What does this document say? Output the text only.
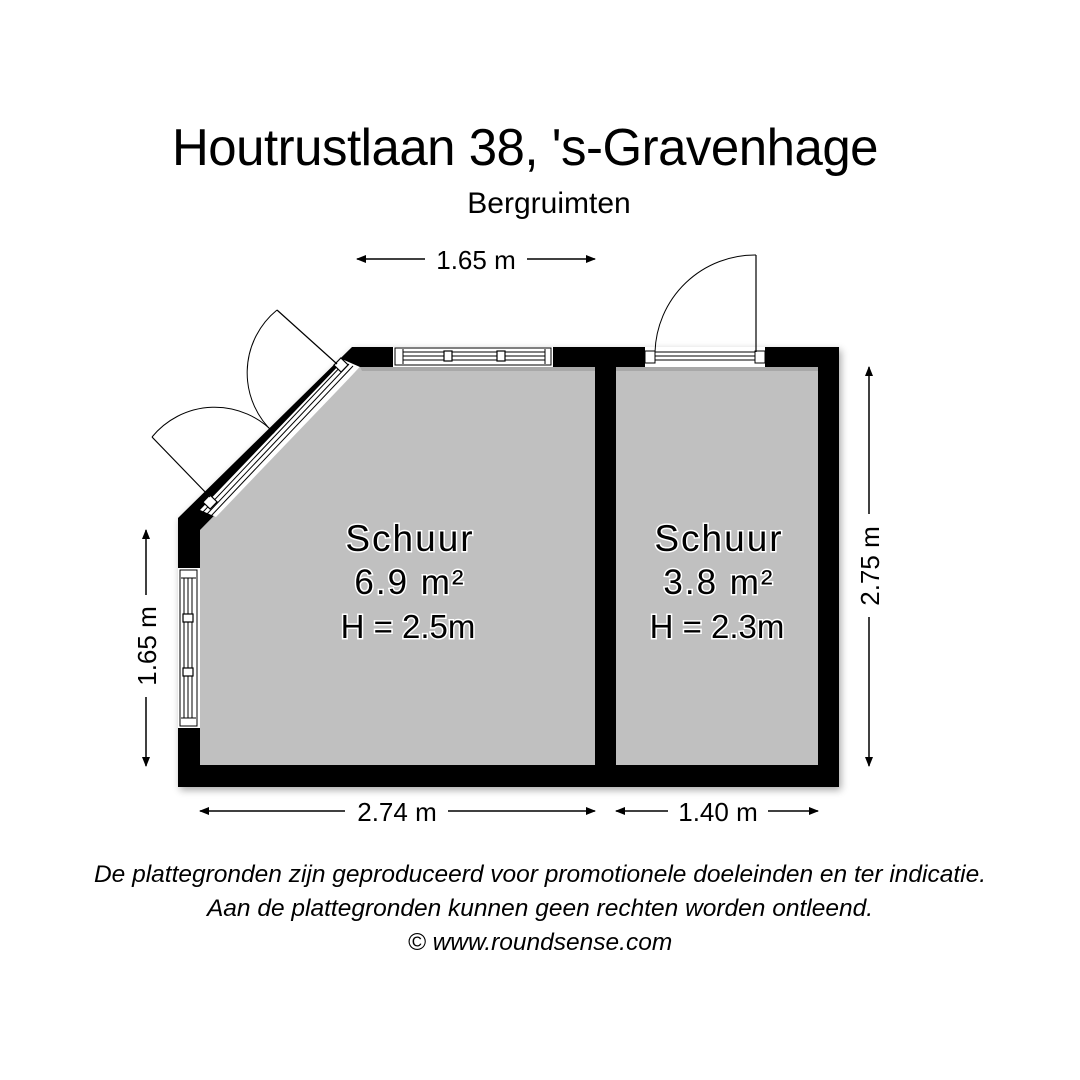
Houtrustlaan 38, 's-Gravenhage
Bergruimten
Schuur
6.9 m²
H = 2.5m
Schuur
3.8 m²
H = 2.3m
1.65 m
1.65 m
2.75 m
2.74 m	1.40 m
De plattegronden zijn geproduceerd voor promotionele doeleinden en ter indicatie.
Aan de plattegronden kunnen geen rechten worden ontleend.
© www.roundsense.com
